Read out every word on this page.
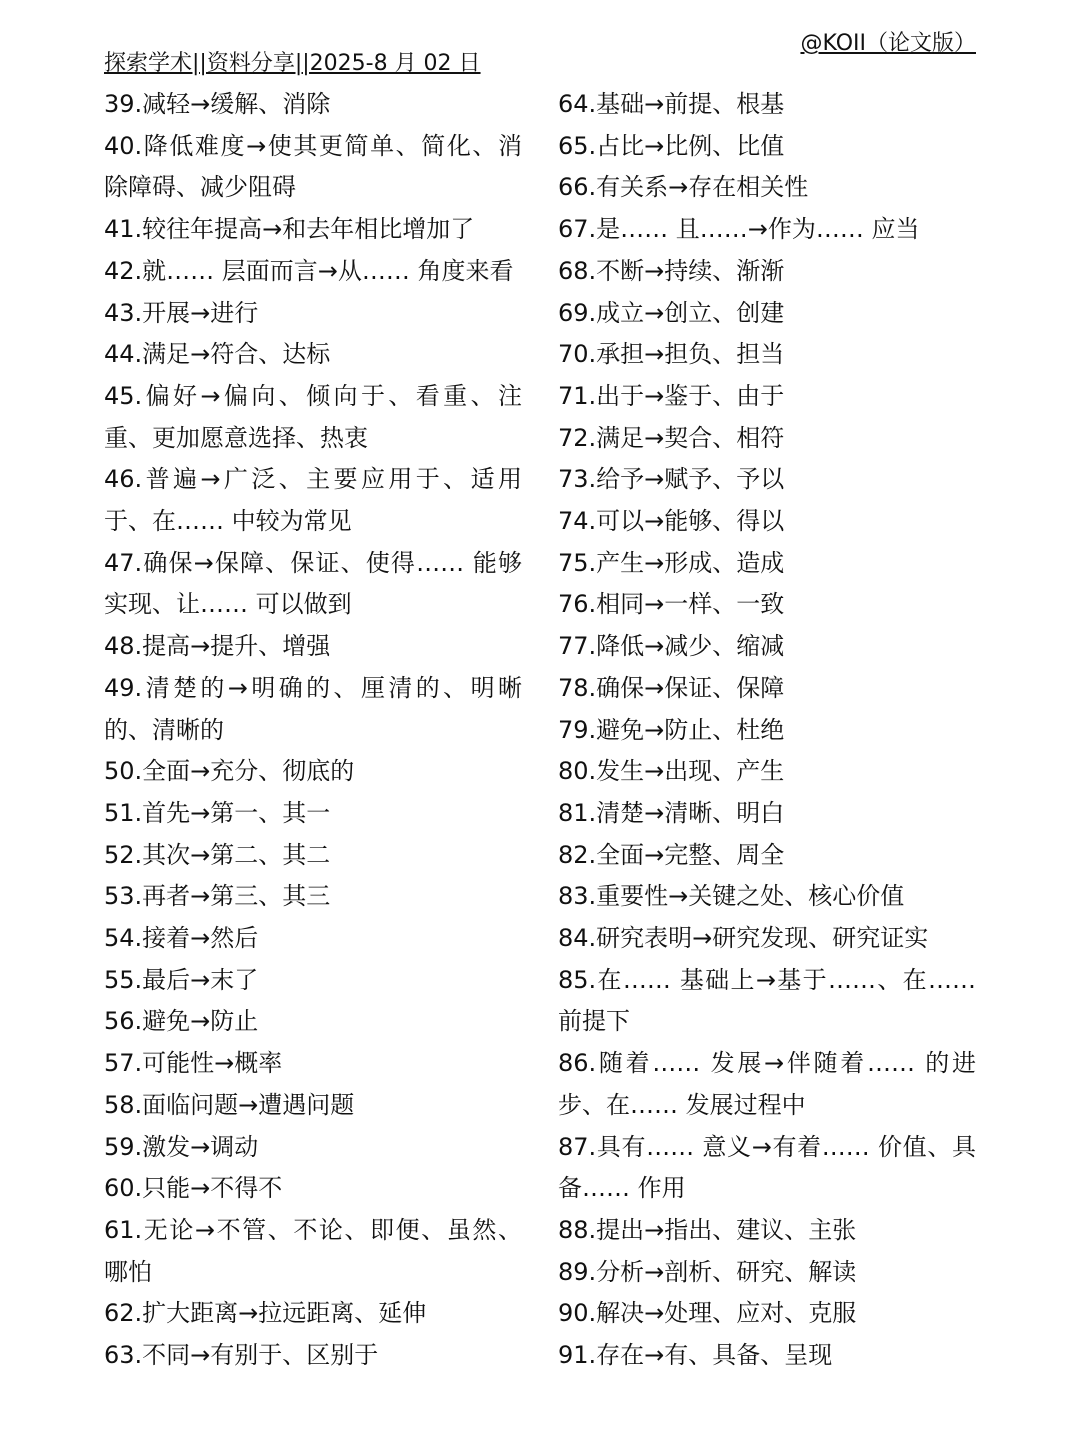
@KOII（论文版）
探索学术||资料分享||2025-8 月 02 日

39.减轻→缓解、消除

40.降低难度→使其更简单、简化、消除障碍、减少阻碍

41.较往年提高→和去年相比增加了

42.就…… 层面而言→从…… 角度来看

43.开展→进行

44.满足→符合、达标

45.偏好→偏向、倾向于、看重、注重、更加愿意选择、热衷

46.普遍→广泛、主要应用于、适用于、在…… 中较为常见

47.确保→保障、保证、使得…… 能够实现、让…… 可以做到

48.提高→提升、增强

49.清楚的→明确的、厘清的、明晰的、清晰的

50.全面→充分、彻底的

51.首先→第一、其一

52.其次→第二、其二

53.再者→第三、其三

54.接着→然后

55.最后→末了

56.避免→防止

57.可能性→概率

58.面临问题→遭遇问题

59.激发→调动

60.只能→不得不

61.无论→不管、不论、即便、虽然、哪怕

62.扩大距离→拉远距离、延伸

63.不同→有别于、区别于

64.基础→前提、根基

65.占比→比例、比值

66.有关系→存在相关性

67.是…… 且……→作为…… 应当

68.不断→持续、渐渐

69.成立→创立、创建

70.承担→担负、担当

71.出于→鉴于、由于

72.满足→契合、相符

73.给予→赋予、予以

74.可以→能够、得以

75.产生→形成、造成

76.相同→一样、一致

77.降低→减少、缩减

78.确保→保证、保障

79.避免→防止、杜绝

80.发生→出现、产生

81.清楚→清晰、明白

82.全面→完整、周全

83.重要性→关键之处、核心价值

84.研究表明→研究发现、研究证实

85.在…… 基础上→基于……、在…… 前提下

86.随着…… 发展→伴随着…… 的进步、在…… 发展过程中

87.具有…… 意义→有着…… 价值、具备…… 作用

88.提出→指出、建议、主张

89.分析→剖析、研究、解读

90.解决→处理、应对、克服

91.存在→有、具备、呈现
